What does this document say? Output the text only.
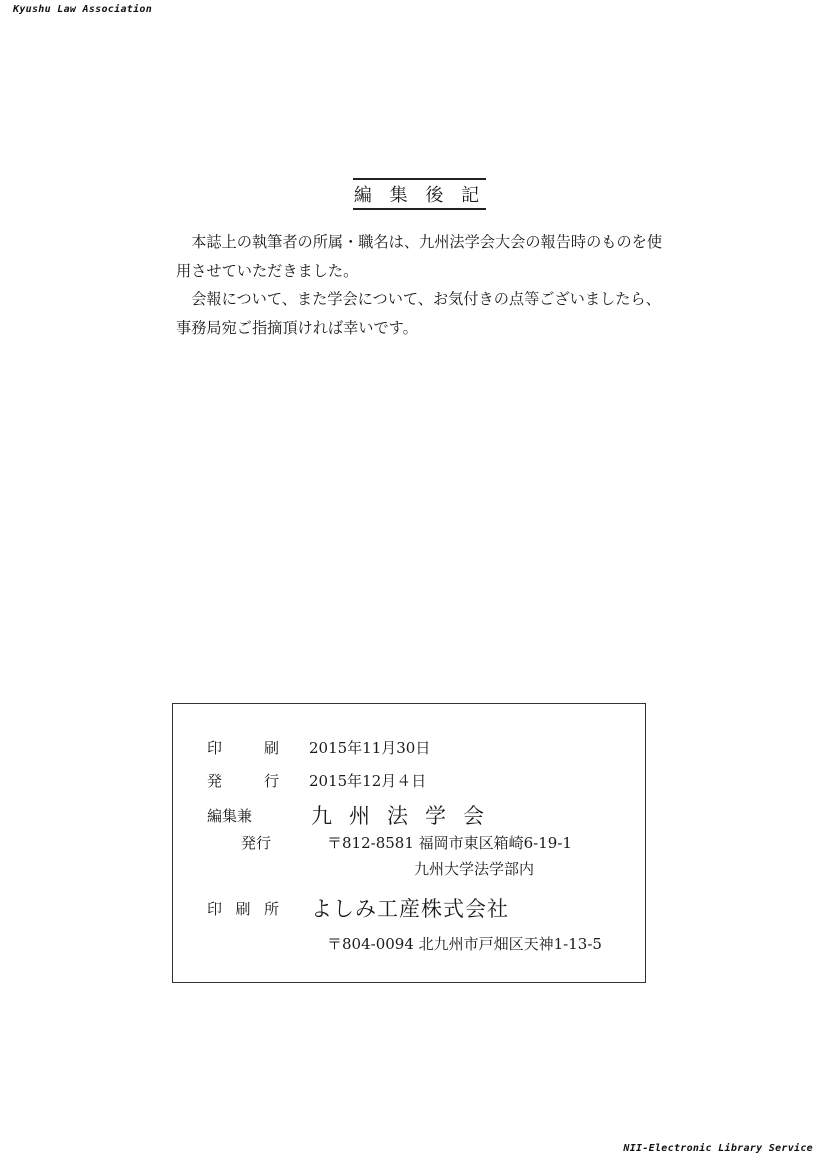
Kyushu Law Association
編 集 後 記

本誌上の執筆者の所属・職名は、九州法学会大会の報告時のものを使用させていただきました。

会報について、また学会について、お気付きの点等ございましたら、事務局宛ご指摘頂ければ幸いです。

印	刷 2015年11月30日
発	行 2015年12月４日
編集兼
発行
九州法学会
〒812-8581 福岡市東区箱崎6-19-1
九州大学法学部内
印 刷 所 よしみ工産株式会社
〒804-0094 北九州市戸畑区天神1-13-5
NII-Electronic Library Service
